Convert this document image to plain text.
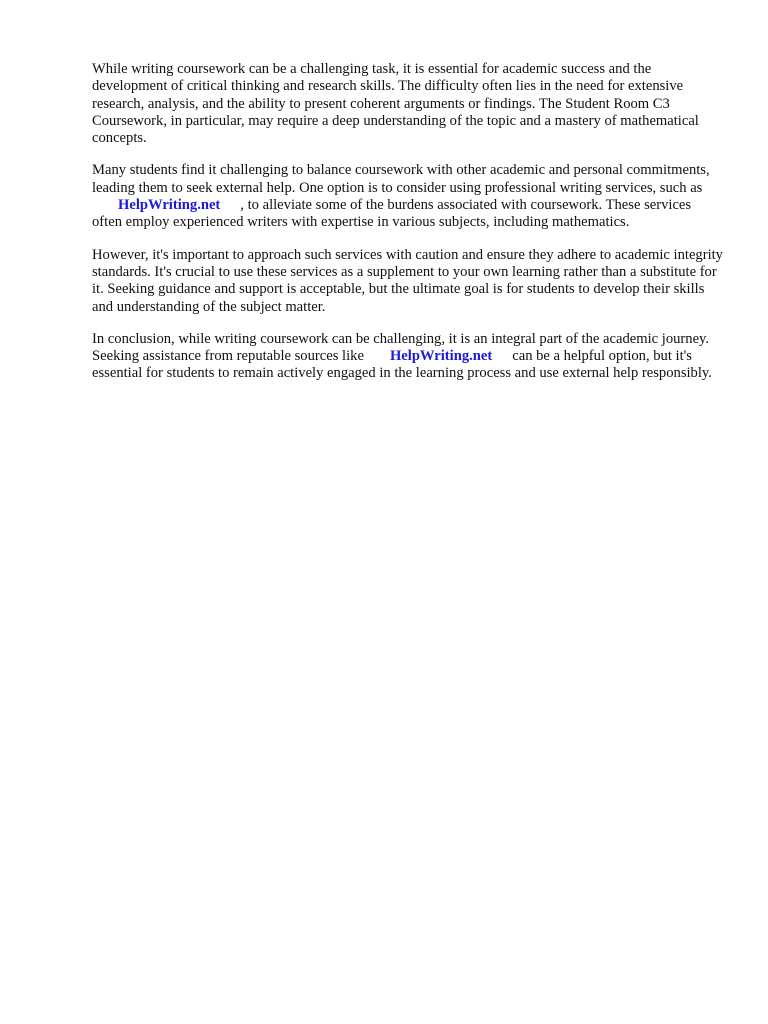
While writing coursework can be a challenging task, it is essential for academic success and the development of critical thinking and research skills. The difficulty often lies in the need for extensive research, analysis, and the ability to present coherent arguments or findings. The Student Room C3 Coursework, in particular, may require a deep understanding of the topic and a mastery of mathematical concepts.

Many students find it challenging to balance coursework with other academic and personal commitments, leading them to seek external help. One option is to consider using professional writing services, such asHelpWriting.net , to alleviate some of the burdens associated with coursework. These services often employ experienced writers with expertise in various subjects, including mathematics.

However, it's important to approach such services with caution and ensure they adhere to academic integrity standards. It's crucial to use these services as a supplement to your own learning rather than a substitute for it. Seeking guidance and support is acceptable, but the ultimate goal is for students to develop their skills and understanding of the subject matter.

In conclusion, while writing coursework can be challenging, it is an integral part of the academic journey. Seeking assistance from reputable sources like HelpWriting.net can be a helpful option, but it's essential for students to remain actively engaged in the learning process and use external help responsibly.
